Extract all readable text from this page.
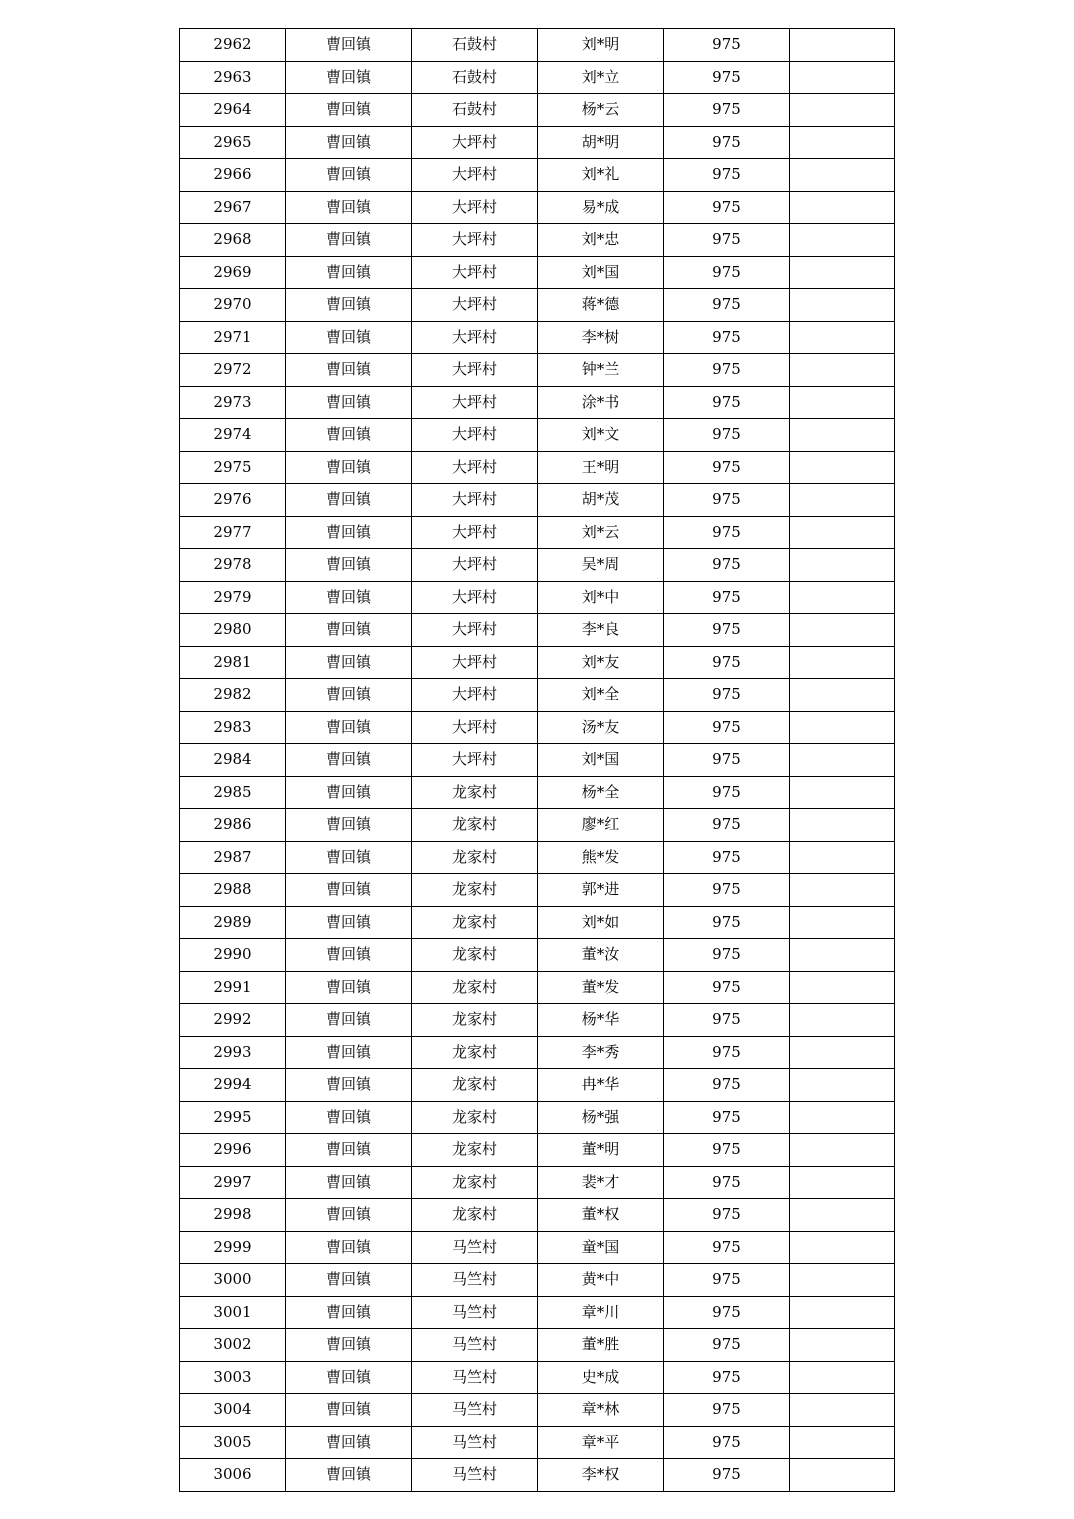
2962	曹回镇	石鼓村	刘*明	975	
2963	曹回镇	石鼓村	刘*立	975	
2964	曹回镇	石鼓村	杨*云	975	
2965	曹回镇	大坪村	胡*明	975	
2966	曹回镇	大坪村	刘*礼	975	
2967	曹回镇	大坪村	易*成	975	
2968	曹回镇	大坪村	刘*忠	975	
2969	曹回镇	大坪村	刘*国	975	
2970	曹回镇	大坪村	蒋*德	975	
2971	曹回镇	大坪村	李*树	975	
2972	曹回镇	大坪村	钟*兰	975	
2973	曹回镇	大坪村	涂*书	975	
2974	曹回镇	大坪村	刘*文	975	
2975	曹回镇	大坪村	王*明	975	
2976	曹回镇	大坪村	胡*茂	975	
2977	曹回镇	大坪村	刘*云	975	
2978	曹回镇	大坪村	吴*周	975	
2979	曹回镇	大坪村	刘*中	975	
2980	曹回镇	大坪村	李*良	975	
2981	曹回镇	大坪村	刘*友	975	
2982	曹回镇	大坪村	刘*全	975	
2983	曹回镇	大坪村	汤*友	975	
2984	曹回镇	大坪村	刘*国	975	
2985	曹回镇	龙家村	杨*全	975	
2986	曹回镇	龙家村	廖*红	975	
2987	曹回镇	龙家村	熊*发	975	
2988	曹回镇	龙家村	郭*进	975	
2989	曹回镇	龙家村	刘*如	975	
2990	曹回镇	龙家村	董*汝	975	
2991	曹回镇	龙家村	董*发	975	
2992	曹回镇	龙家村	杨*华	975	
2993	曹回镇	龙家村	李*秀	975	
2994	曹回镇	龙家村	冉*华	975	
2995	曹回镇	龙家村	杨*强	975	
2996	曹回镇	龙家村	董*明	975	
2997	曹回镇	龙家村	裴*才	975	
2998	曹回镇	龙家村	董*权	975	
2999	曹回镇	马竺村	童*国	975	
3000	曹回镇	马竺村	黄*中	975	
3001	曹回镇	马竺村	章*川	975	
3002	曹回镇	马竺村	董*胜	975	
3003	曹回镇	马竺村	史*成	975	
3004	曹回镇	马竺村	章*林	975	
3005	曹回镇	马竺村	章*平	975	
3006	曹回镇	马竺村	李*权	975	
